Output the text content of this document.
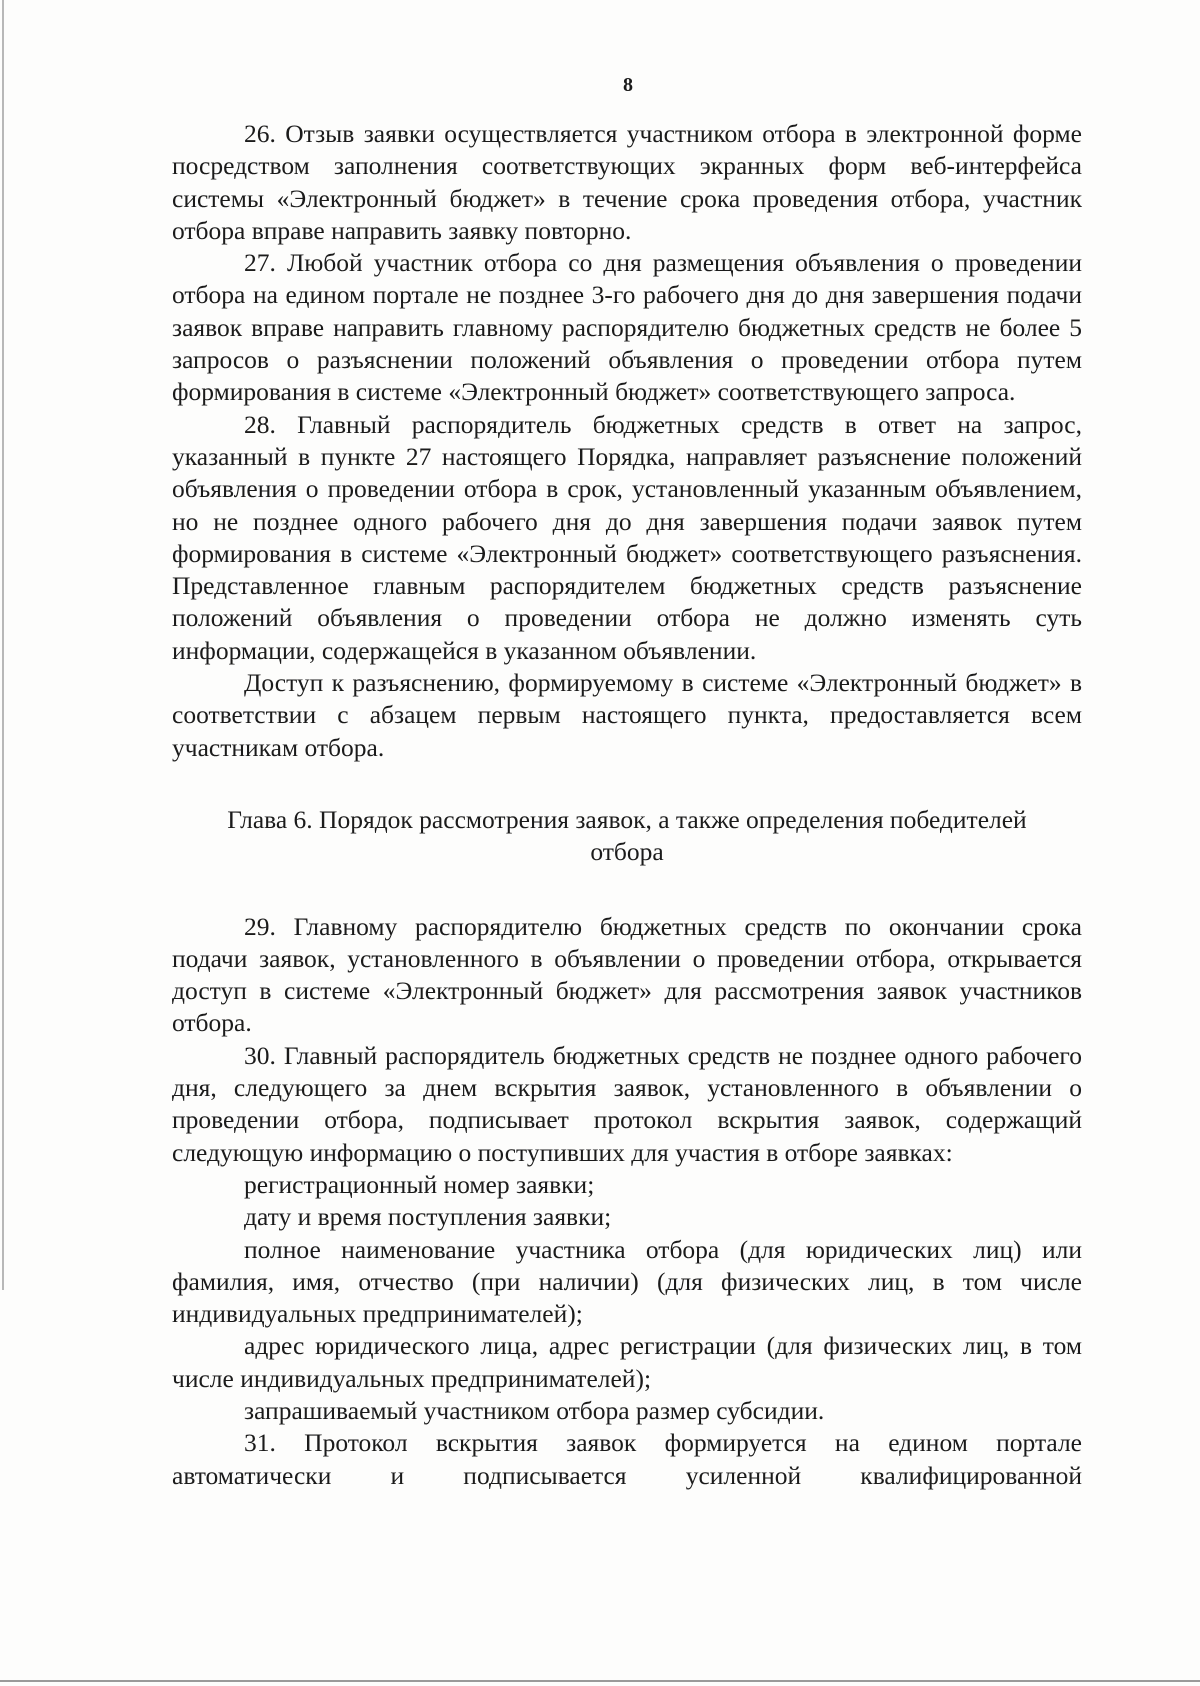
8

26. Отзыв заявки осуществляется участником отбора в электронной форме посредством заполнения соответствующих экранных форм веб-интерфейса системы «Электронный бюджет» в течение срока проведения отбора, участник отбора вправе направить заявку повторно.

27. Любой участник отбора со дня размещения объявления о проведении отбора на едином портале не позднее 3-го рабочего дня до дня завершения подачи заявок вправе направить главному распорядителю бюджетных средств не более 5 запросов о разъяснении положений объявления о проведении отбора путем формирования в системе «Электронный бюджет» соответствующего запроса.

28. Главный распорядитель бюджетных средств в ответ на запрос, указанный в пункте 27 настоящего Порядка, направляет разъяснение положений объявления о проведении отбора в срок, установленный указанным объявлением, но не позднее одного рабочего дня до дня завершения подачи заявок путем формирования в системе «Электронный бюджет» соответствующего разъяснения. Представленное главным распорядителем бюджетных средств разъяснение положений объявления о проведении отбора не должно изменять суть информации, содержащейся в указанном объявлении.

Доступ к разъяснению, формируемому в системе «Электронный бюджет» в соответствии с абзацем первым настоящего пункта, предоставляется всем участникам отбора.

Глава 6. Порядок рассмотрения заявок, а также определения победителей
отбора

29. Главному распорядителю бюджетных средств по окончании срока подачи заявок, установленного в объявлении о проведении отбора, открывается доступ в системе «Электронный бюджет» для рассмотрения заявок участников отбора.

30. Главный распорядитель бюджетных средств не позднее одного рабочего дня, следующего за днем вскрытия заявок, установленного в объявлении о проведении отбора, подписывает протокол вскрытия заявок, содержащий следующую информацию о поступивших для участия в отборе заявках:

регистрационный номер заявки;

дату и время поступления заявки;

полное наименование участника отбора (для юридических лиц) или фамилия, имя, отчество (при наличии) (для физических лиц, в том числе индивидуальных предпринимателей);

адрес юридического лица, адрес регистрации (для физических лиц, в том числе индивидуальных предпринимателей);

запрашиваемый участником отбора размер субсидии.

31. Протокол вскрытия заявок формируется на едином портале автоматически и подписывается усиленной квалифицированной
